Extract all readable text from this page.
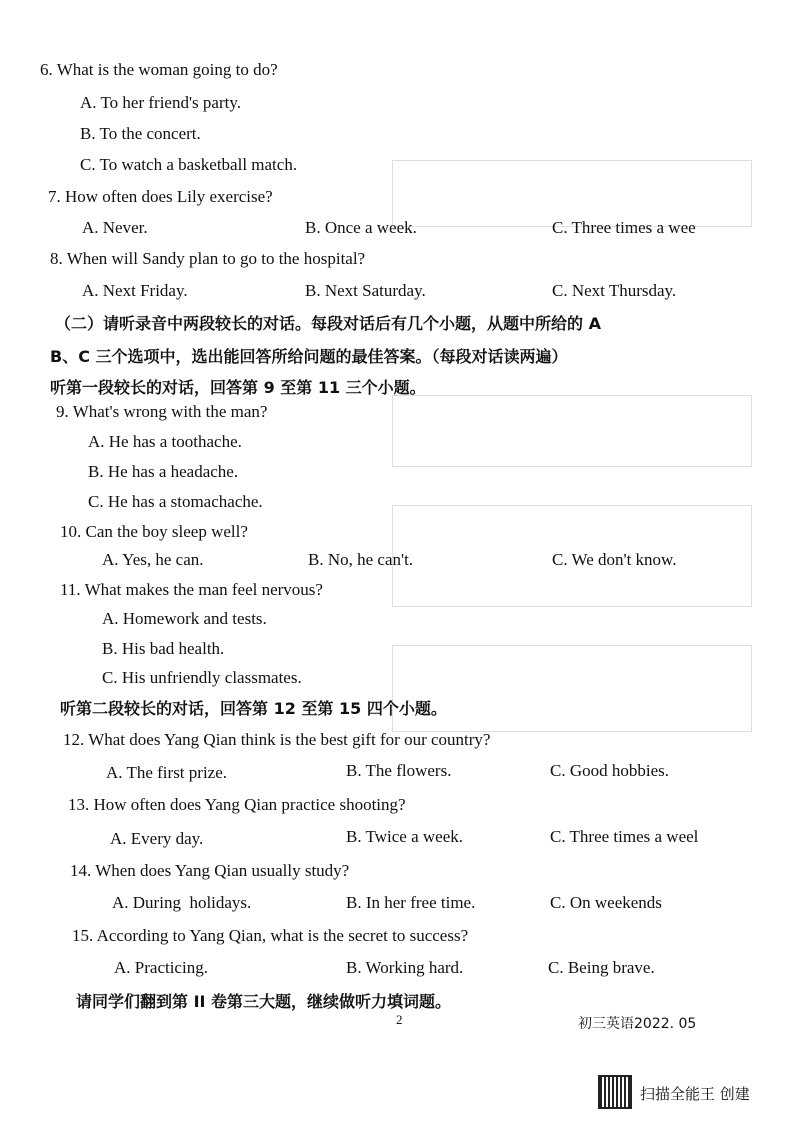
6. What is the woman going to do?
A. To her friend's party.
B. To the concert.
C. To watch a basketball match.
7. How often does Lily exercise?
A. Never.	B. Once a week.	C. Three times a wee
8. When will Sandy plan to go to the hospital?
A. Next Friday.	B. Next Saturday.	C. Next Thursday.
（二）请听录音中两段较长的对话。每段对话后有几个小题，从题中所给的 A
B、C 三个选项中，选出能回答所给问题的最佳答案。（每段对话读两遍）
听第一段较长的对话，回答第 9 至第 11 三个小题。
9. What's wrong with the man?
A. He has a toothache.
B. He has a headache.
C. He has a stomachache.
10. Can the boy sleep well?
A. Yes, he can.	B. No, he can't.	C. We don't know.
11. What makes the man feel nervous?
A. Homework and tests.
B. His bad health.
C. His unfriendly classmates.
听第二段较长的对话，回答第 12 至第 15 四个小题。
12. What does Yang Qian think is the best gift for our country?
A. The first prize.	B. The flowers.	C. Good hobbies.
13. How often does Yang Qian practice shooting?
A. Every day.	B. Twice a week.	C. Three times a weel
14. When does Yang Qian usually study?
A. During  holidays.	B. In her free time.	C. On weekends
15. According to Yang Qian, what is the secret to success?
A. Practicing.	B. Working hard.	C. Being brave.
请同学们翻到第 II 卷第三大题，继续做听力填词题。
2	初三英语2022. 05
扫描全能王 创建
